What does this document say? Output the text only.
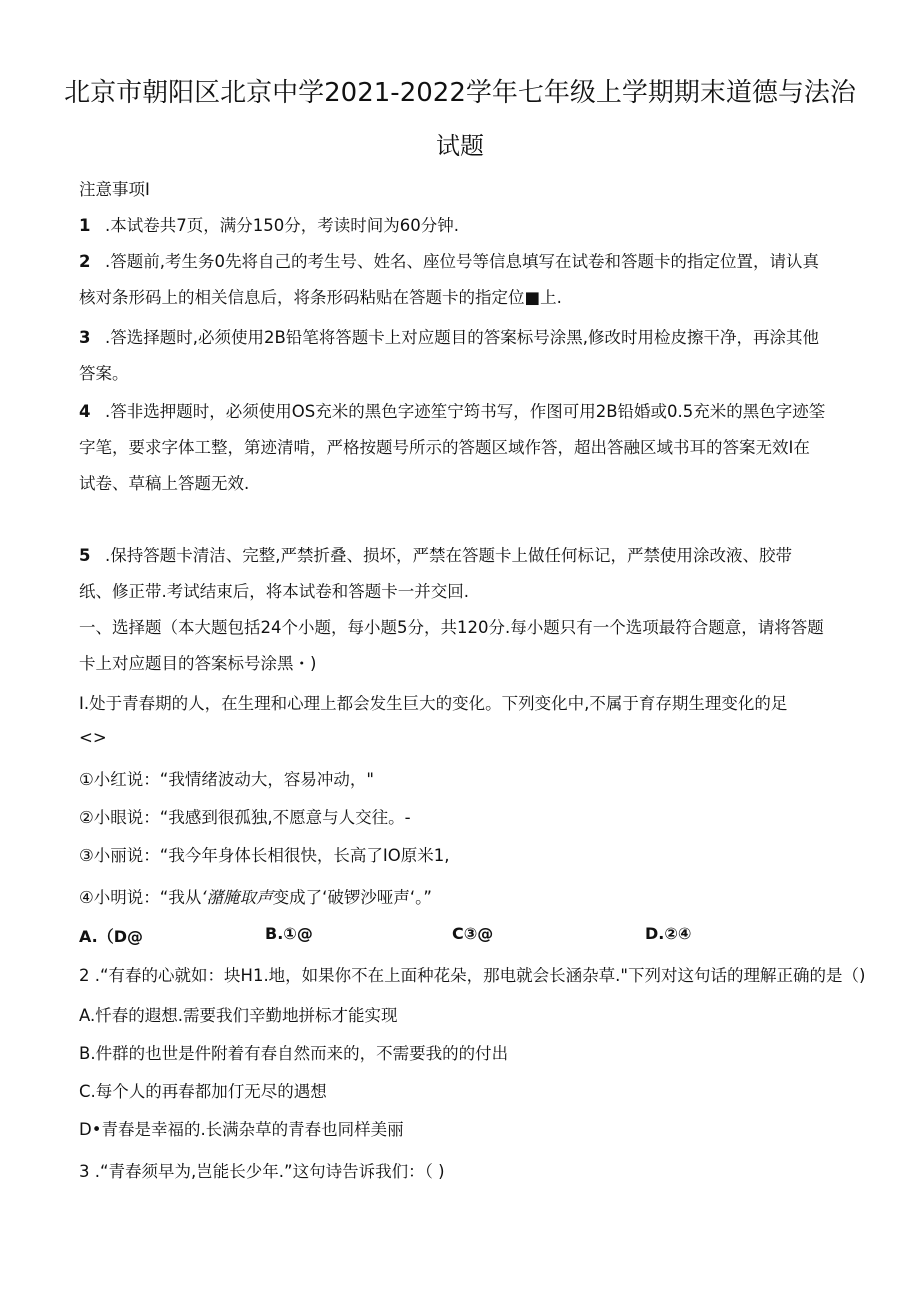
北京市朝阳区北京中学2021-2022学年七年级上学期期末道德与法治
试题
注意事项I
1 .本试卷共7页，满分150分，考读时间为60分钟.
2 .答题前,考生务0先将自己的考生号、姓名、座位号等信息填写在试卷和答题卡的指定位置，请认真
核对条形码上的相关信息后，将条形码粘贴在答题卡的指定位■上.
3 .答选择题时,必须使用2B铅笔将答题卡上对应题目的答案标号涂黑,修改时用检皮擦干净，再涂其他
答案。
4 .答非选押题时，必须使用OS充米的黑色字迹笙宁筠书写，作图可用2B铅婚或0.5充米的黑色字迹筌
字笔，要求字体工整，第迹清啃，严格按题号所示的答题区域作答，超出答融区域书耳的答案无效I在
试卷、草稿上答题无效.
5 .保持答题卡清洁、完整,严禁折叠、损坏，严禁在答题卡上做任何标记，严禁使用涂改液、胶带
纸、修正带.考试结束后，将本试卷和答题卡一并交回.
一、选择题（本大题包括24个小题，每小题5分，共120分.每小题只有一个选项最符合题意，请将答题
卡上对应题目的答案标号涂黑・)
I.处于青春期的人，在生理和心理上都会发生巨大的变化。下列变化中,不属于育存期生理变化的足
<>
①小红说：“我情绪波动大，容易冲动，"
②小眼说：“我感到很孤独,不愿意与人交往。-
③小丽说：“我今年身体长相很快，长高了IO原米1,
④小明说：“我从‘潴腌取声变成了‘破锣沙哑声‘。”
A.（D@	B.①@	C③@	D.②④
2 .“有春的心就如：块H1.地，如果你不在上面种花朵，那电就会长涵杂草."下列对这句话的理解正确的是（)
A.忏春的遐想.需要我们辛勤地拼标才能实现
B.件群的也世是件附着有春自然而来的，不需要我的的付出
C.每个人的再春都加仃无尽的遇想
D•青春是幸福的.长满杂草的青春也同样美丽
3 .“青春须早为,岂能长少年.”这句诗告诉我们：（ )
